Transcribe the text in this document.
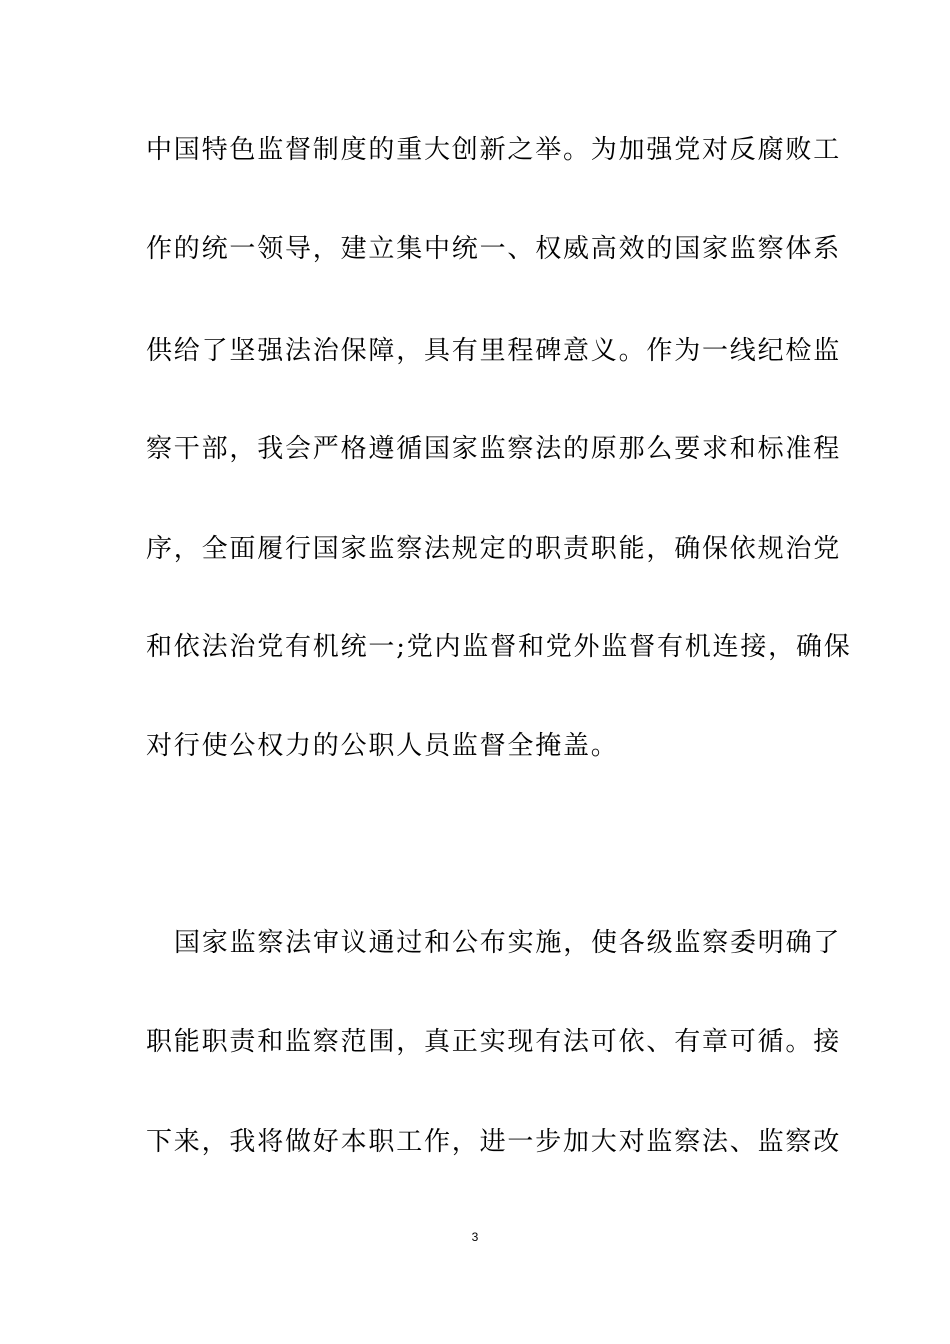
中国特色监督制度的重大创新之举。为加强党对反腐败工
作的统一领导，建立集中统一、权威高效的国家监察体系
供给了坚强法治保障，具有里程碑意义。作为一线纪检监
察干部，我会严格遵循国家监察法的原那么要求和标准程
序，全面履行国家监察法规定的职责职能，确保依规治党
和依法治党有机统一;党内监督和党外监督有机连接，确保
对行使公权力的公职人员监督全掩盖。
国家监察法审议通过和公布实施，使各级监察委明确了
职能职责和监察范围，真正实现有法可依、有章可循。接
下来，我将做好本职工作，进一步加大对监察法、监察改
3
